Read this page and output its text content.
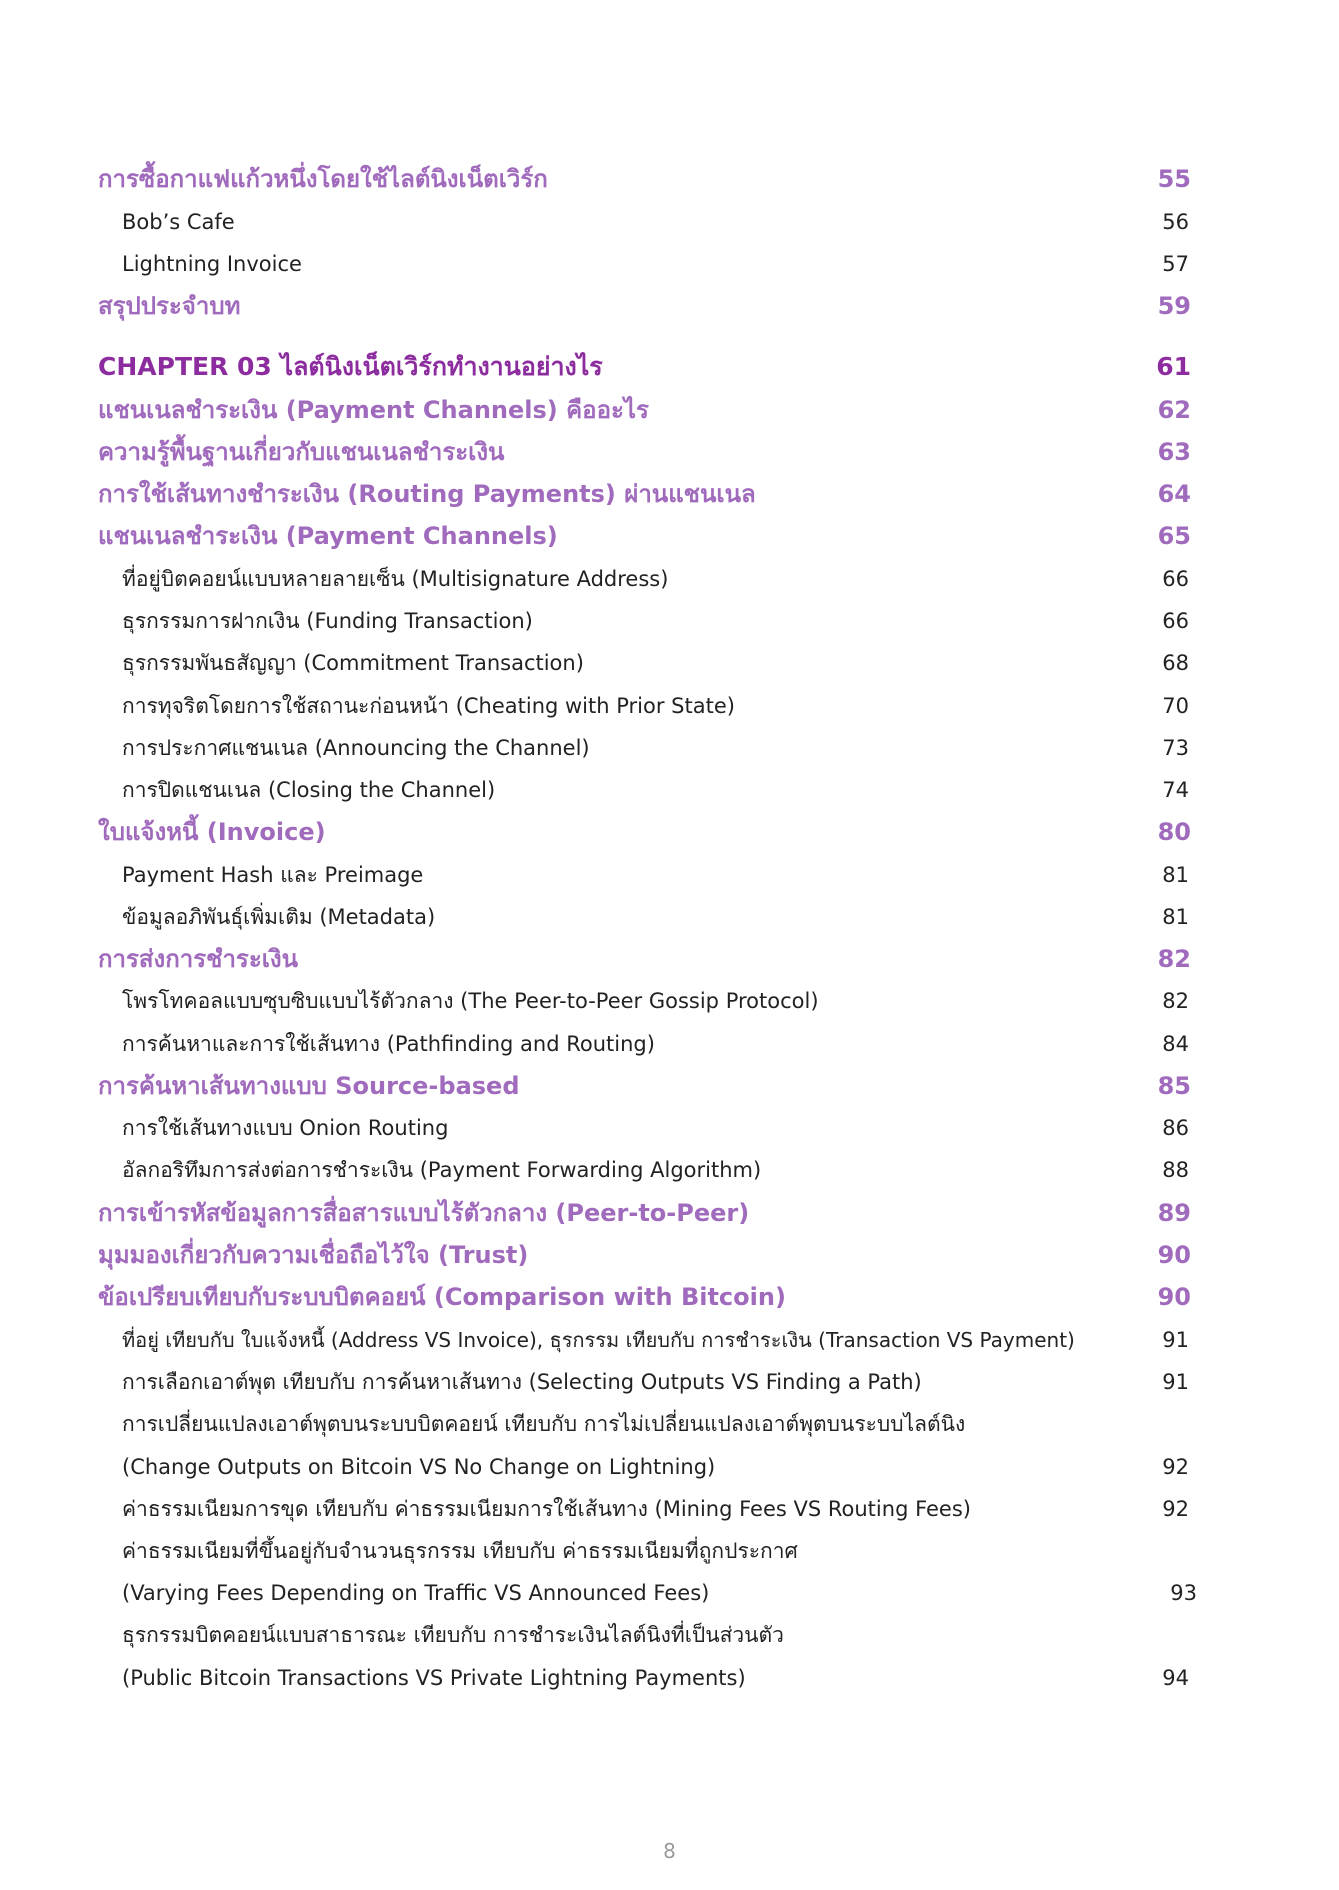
การซื้อกาแฟแก้วหนึ่งโดยใช้ไลต์นิงเน็ตเวิร์ก	55
Bob’s Cafe	56
Lightning Invoice	57
สรุปประจำบท	59
CHAPTER 03 ไลต์นิงเน็ตเวิร์กทำงานอย่างไร	61
แชนเนลชำระเงิน (Payment Channels) คืออะไร	62
ความรู้พื้นฐานเกี่ยวกับแชนเนลชำระเงิน	63
การใช้เส้นทางชำระเงิน (Routing Payments) ผ่านแชนเนล	64
แชนเนลชำระเงิน (Payment Channels)	65
ที่อยู่บิตคอยน์แบบหลายลายเซ็น (Multisignature Address)	66
ธุรกรรมการฝากเงิน (Funding Transaction)	66
ธุรกรรมพันธสัญญา (Commitment Transaction)	68
การทุจริตโดยการใช้สถานะก่อนหน้า (Cheating with Prior State)	70
การประกาศแชนเนล (Announcing the Channel)	73
การปิดแชนเนล (Closing the Channel)	74
ใบแจ้งหนี้ (Invoice)	80
Payment Hash และ Preimage	81
ข้อมูลอภิพันธุ์เพิ่มเติม (Metadata)	81
การส่งการชำระเงิน	82
โพรโทคอลแบบซุบซิบแบบไร้ตัวกลาง (The Peer-to-Peer Gossip Protocol)	82
การค้นหาและการใช้เส้นทาง (Pathfinding and Routing)	84
การค้นหาเส้นทางแบบ Source-based	85
การใช้เส้นทางแบบ Onion Routing	86
อัลกอริทึมการส่งต่อการชำระเงิน (Payment Forwarding Algorithm)	88
การเข้ารหัสข้อมูลการสื่อสารแบบไร้ตัวกลาง (Peer-to-Peer)	89
มุมมองเกี่ยวกับความเชื่อถือไว้ใจ (Trust)	90
ข้อเปรียบเทียบกับระบบบิตคอยน์ (Comparison with Bitcoin)	90
ที่อยู่ เทียบกับ ใบแจ้งหนี้ (Address VS Invoice), ธุรกรรม เทียบกับ การชำระเงิน (Transaction VS Payment)	91
การเลือกเอาต์พุต เทียบกับ การค้นหาเส้นทาง (Selecting Outputs VS Finding a Path)	91
การเปลี่ยนแปลงเอาต์พุตบนระบบบิตคอยน์ เทียบกับ การไม่เปลี่ยนแปลงเอาต์พุตบนระบบไลต์นิง
(Change Outputs on Bitcoin VS No Change on Lightning)	92
ค่าธรรมเนียมการขุด เทียบกับ ค่าธรรมเนียมการใช้เส้นทาง (Mining Fees VS Routing Fees)	92
ค่าธรรมเนียมที่ขึ้นอยู่กับจำนวนธุรกรรม เทียบกับ ค่าธรรมเนียมที่ถูกประกาศ
(Varying Fees Depending on Traffic VS Announced Fees)	93
ธุรกรรมบิตคอยน์แบบสาธารณะ เทียบกับ การชำระเงินไลต์นิงที่เป็นส่วนตัว
(Public Bitcoin Transactions VS Private Lightning Payments)	94
8
